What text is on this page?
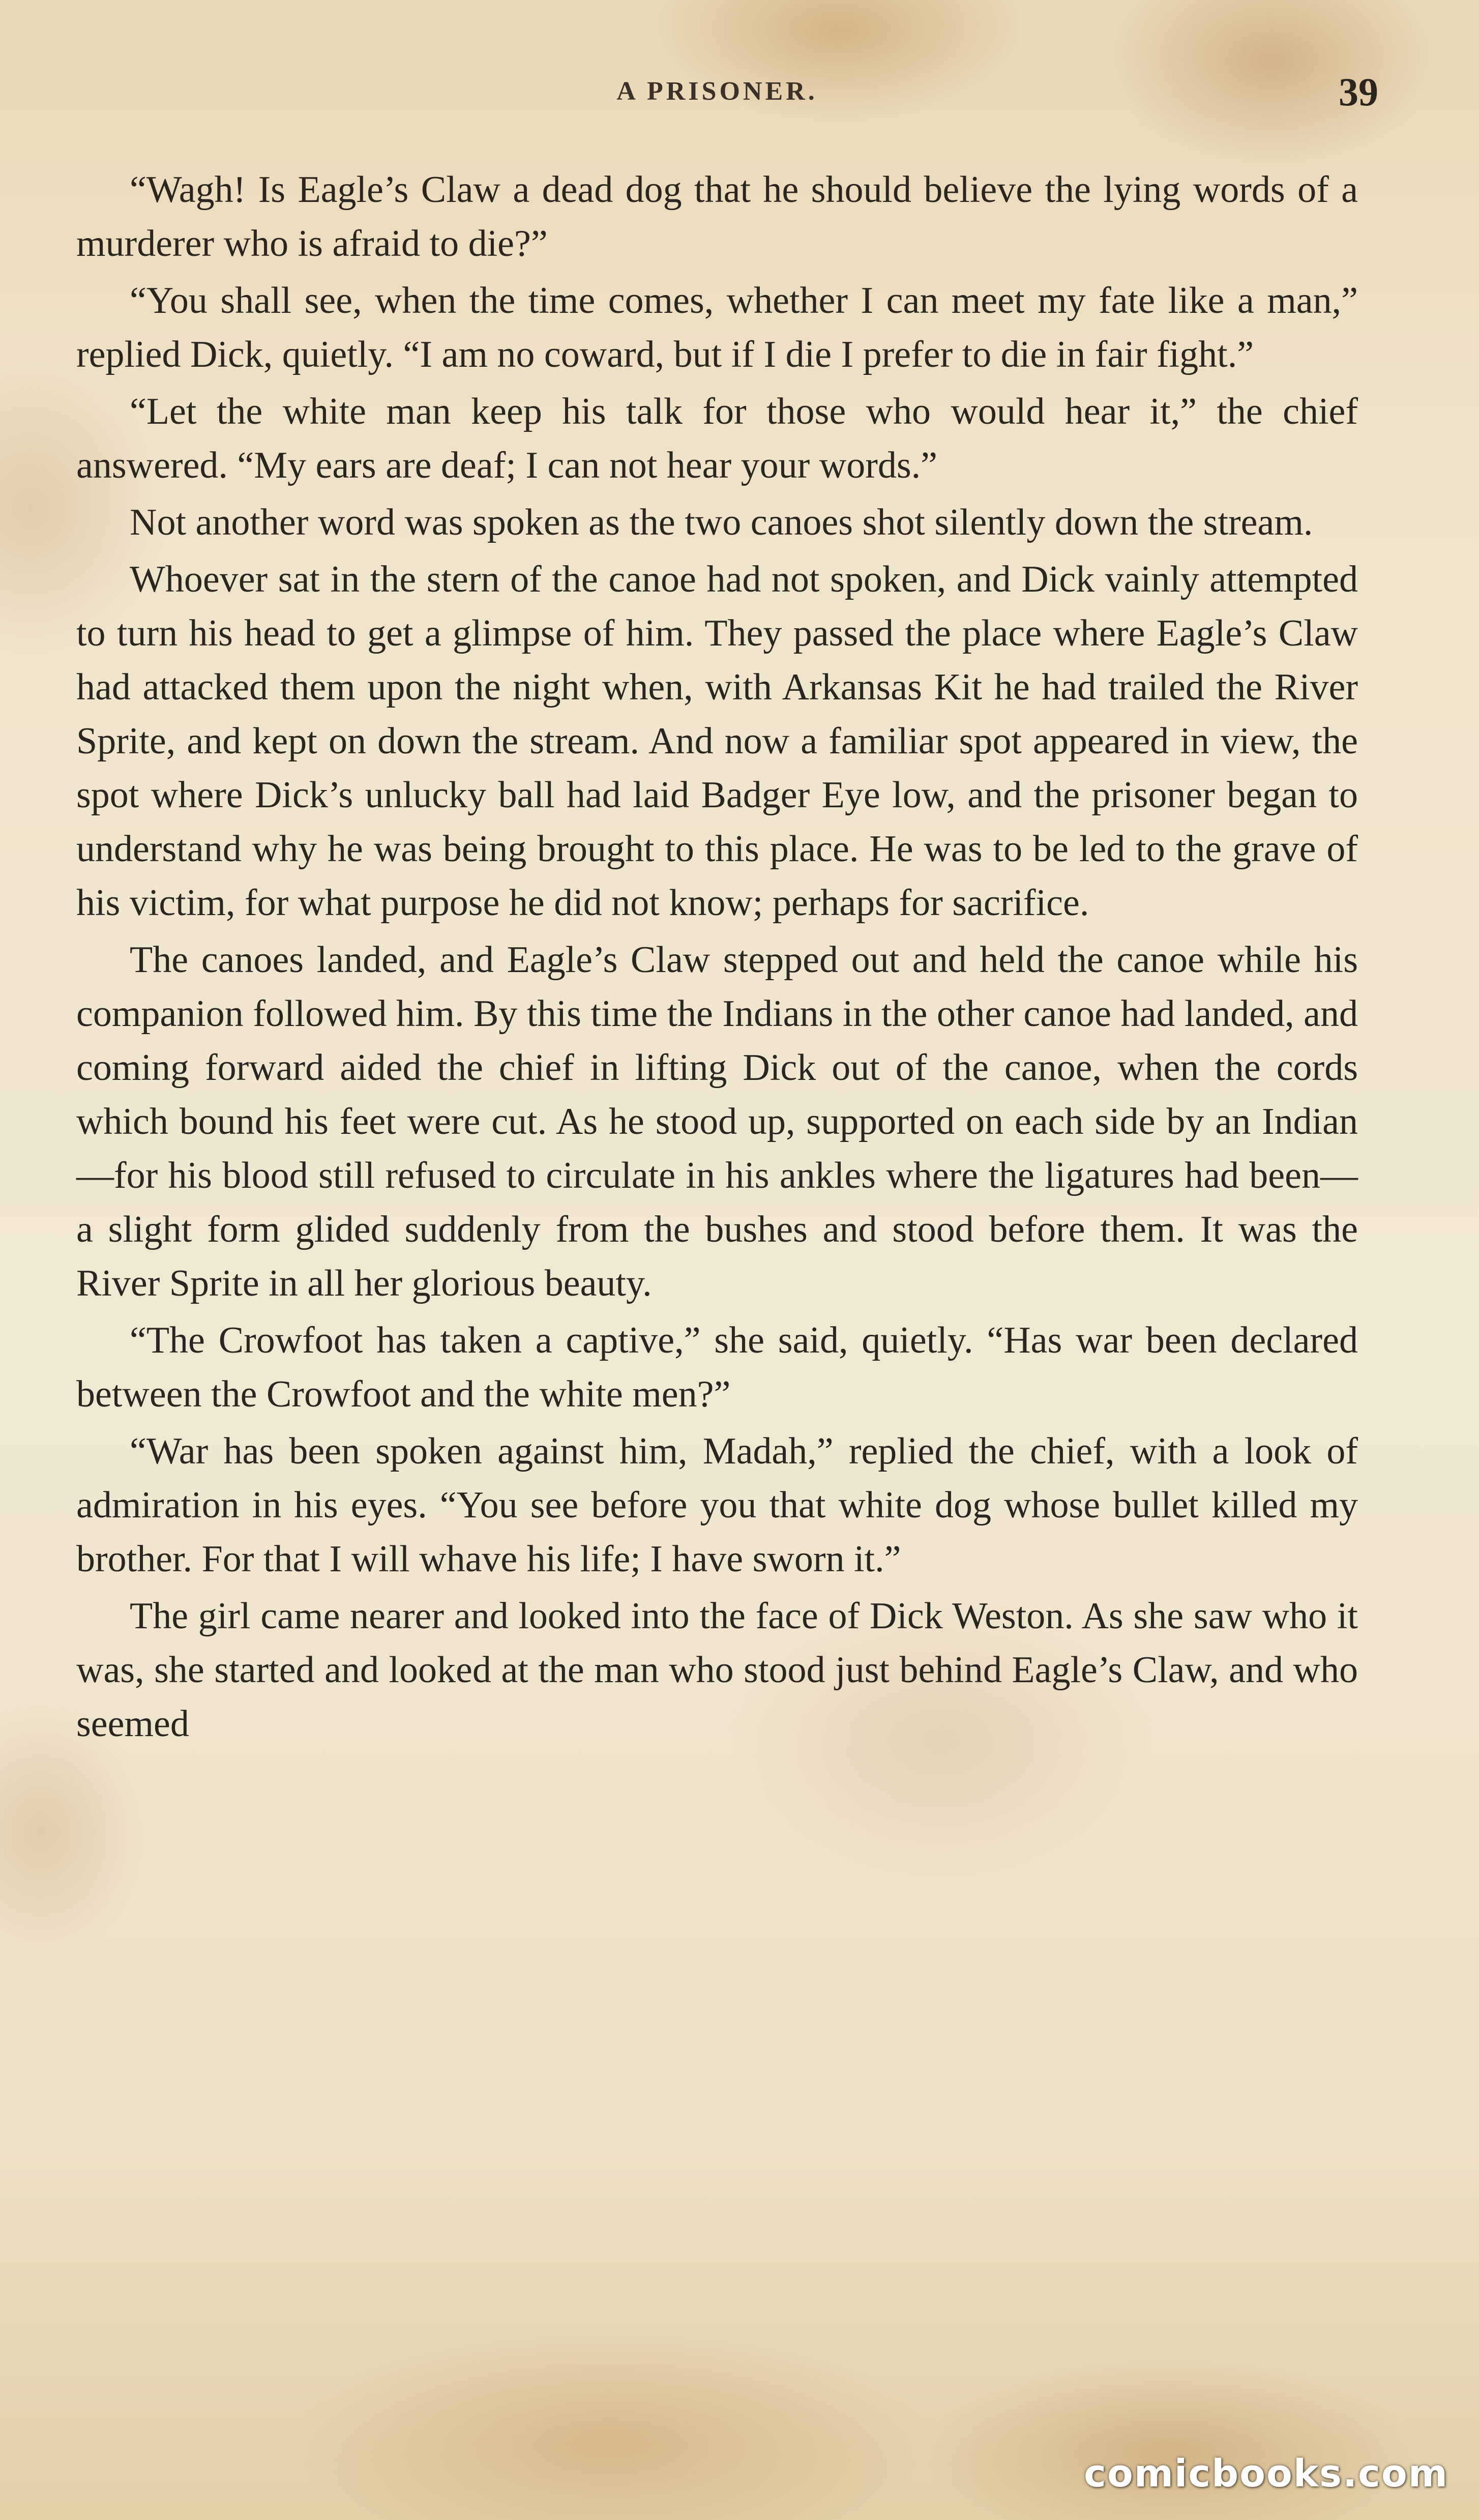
A PRISONER.	39

“Wagh! Is Eagle’s Claw a dead dog that he should believe the lying words of a murderer who is afraid to die?”

“You shall see, when the time comes, whether I can meet my fate like a man,” replied Dick, quietly. “I am no coward, but if I die I prefer to die in fair fight.”

“Let the white man keep his talk for those who would hear it,” the chief answered. “My ears are deaf; I can not hear your words.”

Not another word was spoken as the two canoes shot silently down the stream.

Whoever sat in the stern of the canoe had not spoken, and Dick vainly attempted to turn his head to get a glimpse of him. They passed the place where Eagle’s Claw had attacked them upon the night when, with Arkansas Kit he had trailed the River Sprite, and kept on down the stream. And now a familiar spot appeared in view, the spot where Dick’s unlucky ball had laid Badger Eye low, and the prisoner began to understand why he was being brought to this place. He was to be led to the grave of his victim, for what purpose he did not know; perhaps for sacrifice.

The canoes landed, and Eagle’s Claw stepped out and held the canoe while his companion followed him. By this time the Indians in the other canoe had landed, and coming forward aided the chief in lifting Dick out of the canoe, when the cords which bound his feet were cut. As he stood up, supported on each side by an Indian—for his blood still refused to circulate in his ankles where the ligatures had been—a slight form glided suddenly from the bushes and stood before them. It was the River Sprite in all her glorious beauty.

“The Crowfoot has taken a captive,” she said, quietly. “Has war been declared between the Crowfoot and the white men?”

“War has been spoken against him, Madah,” replied the chief, with a look of admiration in his eyes. “You see before you that white dog whose bullet killed my brother. For that I will whave his life; I have sworn it.”

The girl came nearer and looked into the face of Dick Weston. As she saw who it was, she started and looked at the man who stood just behind Eagle’s Claw, and who seemed

comicbooks.com
